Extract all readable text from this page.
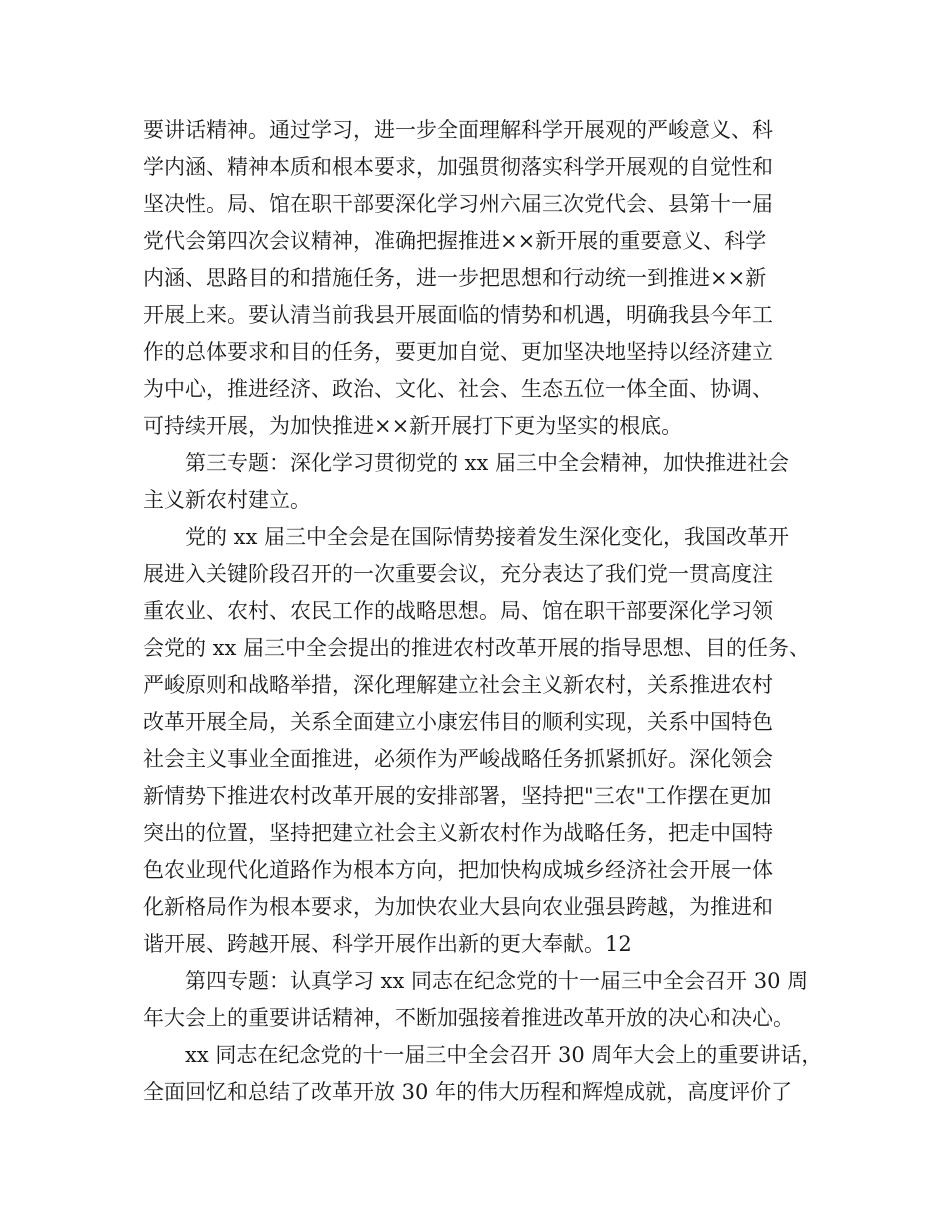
要讲话精神。通过学习，进一步全面理解科学开展观的严峻意义、科
学内涵、精神本质和根本要求，加强贯彻落实科学开展观的自觉性和
坚决性。局、馆在职干部要深化学习州六届三次党代会、县第十一届
党代会第四次会议精神，准确把握推进××新开展的重要意义、科学
内涵、思路目的和措施任务，进一步把思想和行动统一到推进××新
开展上来。要认清当前我县开展面临的情势和机遇，明确我县今年工
作的总体要求和目的任务，要更加自觉、更加坚决地坚持以经济建立
为中心，推进经济、政治、文化、社会、生态五位一体全面、协调、
可持续开展，为加快推进××新开展打下更为坚实的根底。
第三专题：深化学习贯彻党的 xx 届三中全会精神，加快推进社会
主义新农村建立。
党的 xx 届三中全会是在国际情势接着发生深化变化，我国改革开
展进入关键阶段召开的一次重要会议，充分表达了我们党一贯高度注
重农业、农村、农民工作的战略思想。局、馆在职干部要深化学习领
会党的 xx 届三中全会提出的推进农村改革开展的指导思想、目的任务、
严峻原则和战略举措，深化理解建立社会主义新农村，关系推进农村
改革开展全局，关系全面建立小康宏伟目的顺利实现，关系中国特色
社会主义事业全面推进，必须作为严峻战略任务抓紧抓好。深化领会
新情势下推进农村改革开展的安排部署，坚持把"三农"工作摆在更加
突出的位置，坚持把建立社会主义新农村作为战略任务，把走中国特
色农业现代化道路作为根本方向，把加快构成城乡经济社会开展一体
化新格局作为根本要求，为加快农业大县向农业强县跨越，为推进和
谐开展、跨越开展、科学开展作出新的更大奉献。12
第四专题：认真学习 xx 同志在纪念党的十一届三中全会召开 30 周
年大会上的重要讲话精神，不断加强接着推进改革开放的决心和决心。
xx 同志在纪念党的十一届三中全会召开 30 周年大会上的重要讲话，
全面回忆和总结了改革开放 30 年的伟大历程和辉煌成就，高度评价了
